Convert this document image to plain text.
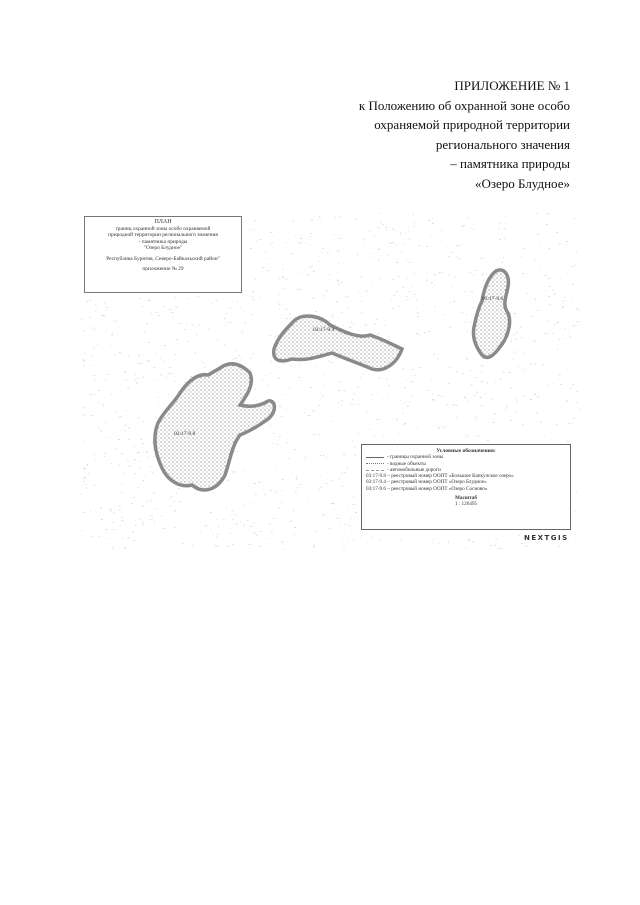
ПРИЛОЖЕНИЕ № 1
к Положению об охранной зоне особо
охраняемой природной территории
регионального значения
– памятника природы
«Озеро Блудное»
03:17-9.4
03:17-9.6
03:17-9.8
ПЛАН
границ охранной зоны особо охраняемой
природной территории регионального значения
- памятника природы
"Озеро Блудное"
Республика Бурятия, Северо-Байкальский район"
приложение № 29
Условные обозначения:
- границы охранной зоны
- водные объекты
- автомобильные дороги
03:17-9.8 – реестровый номер ООПТ «Большое Капкучское озеро»
03:17-9.4 – реестровый номер ООПТ «Озеро Блудное»
03:17-9.6 – реестровый номер ООПТ «Озеро Сосново»
Масштаб
1 : 126495
NEXTGIS
